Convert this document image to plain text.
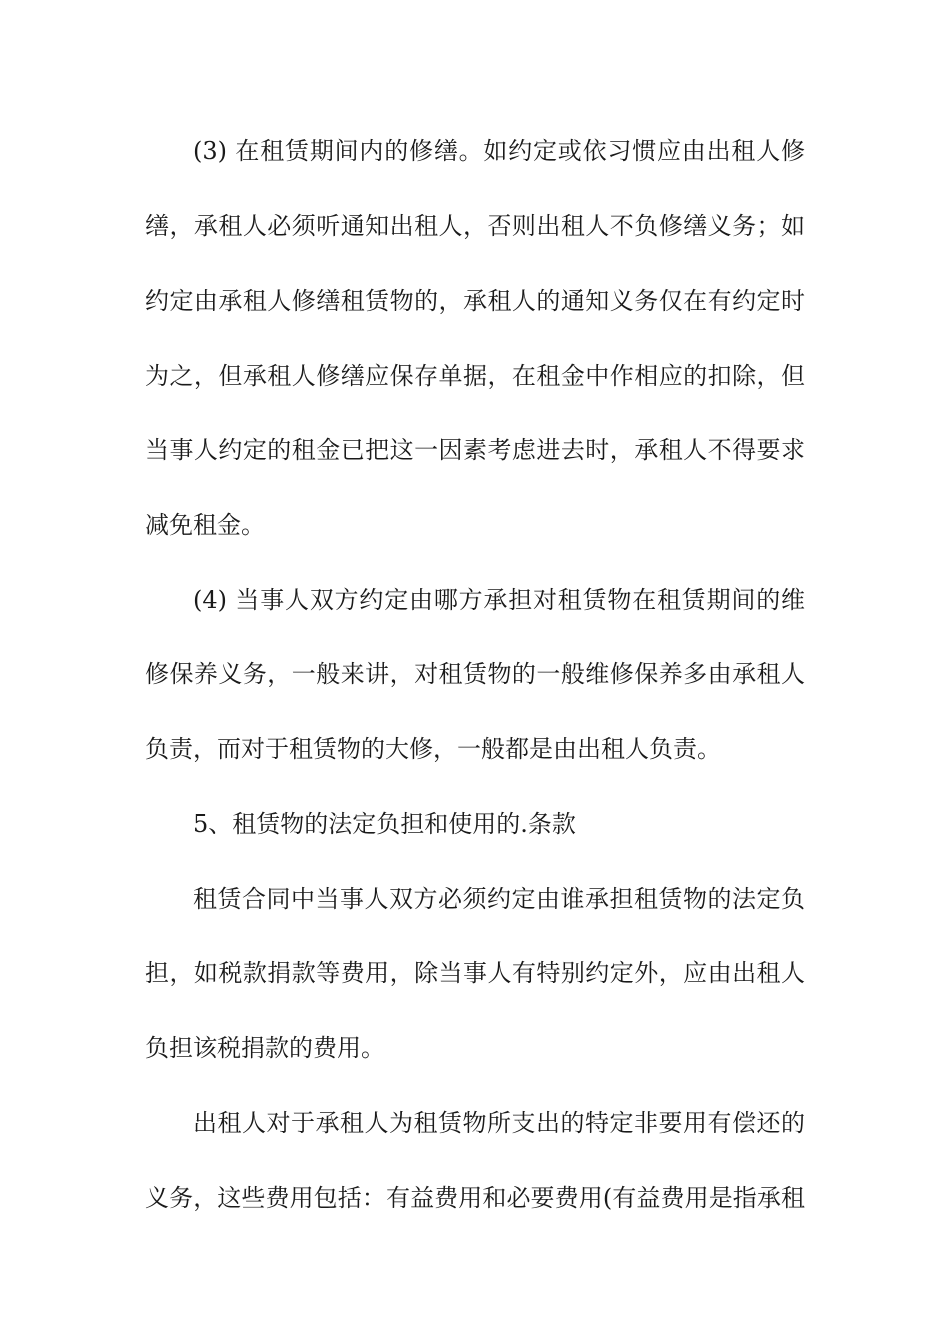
(3) 在租赁期间内的修缮。如约定或依习惯应由出租人修
缮，承租人必须听通知出租人，否则出租人不负修缮义务；如
约定由承租人修缮租赁物的，承租人的通知义务仅在有约定时
为之，但承租人修缮应保存单据，在租金中作相应的扣除，但
当事人约定的租金已把这一因素考虑进去时，承租人不得要求
减免租金。
(4) 当事人双方约定由哪方承担对租赁物在租赁期间的维
修保养义务，一般来讲，对租赁物的一般维修保养多由承租人
负责，而对于租赁物的大修，一般都是由出租人负责。
5、租赁物的法定负担和使用的.条款
租赁合同中当事人双方必须约定由谁承担租赁物的法定负
担，如税款捐款等费用，除当事人有特别约定外，应由出租人
负担该税捐款的费用。
出租人对于承租人为租赁物所支出的特定非要用有偿还的
义务，这些费用包括：有益费用和必要费用(有益费用是指承租
